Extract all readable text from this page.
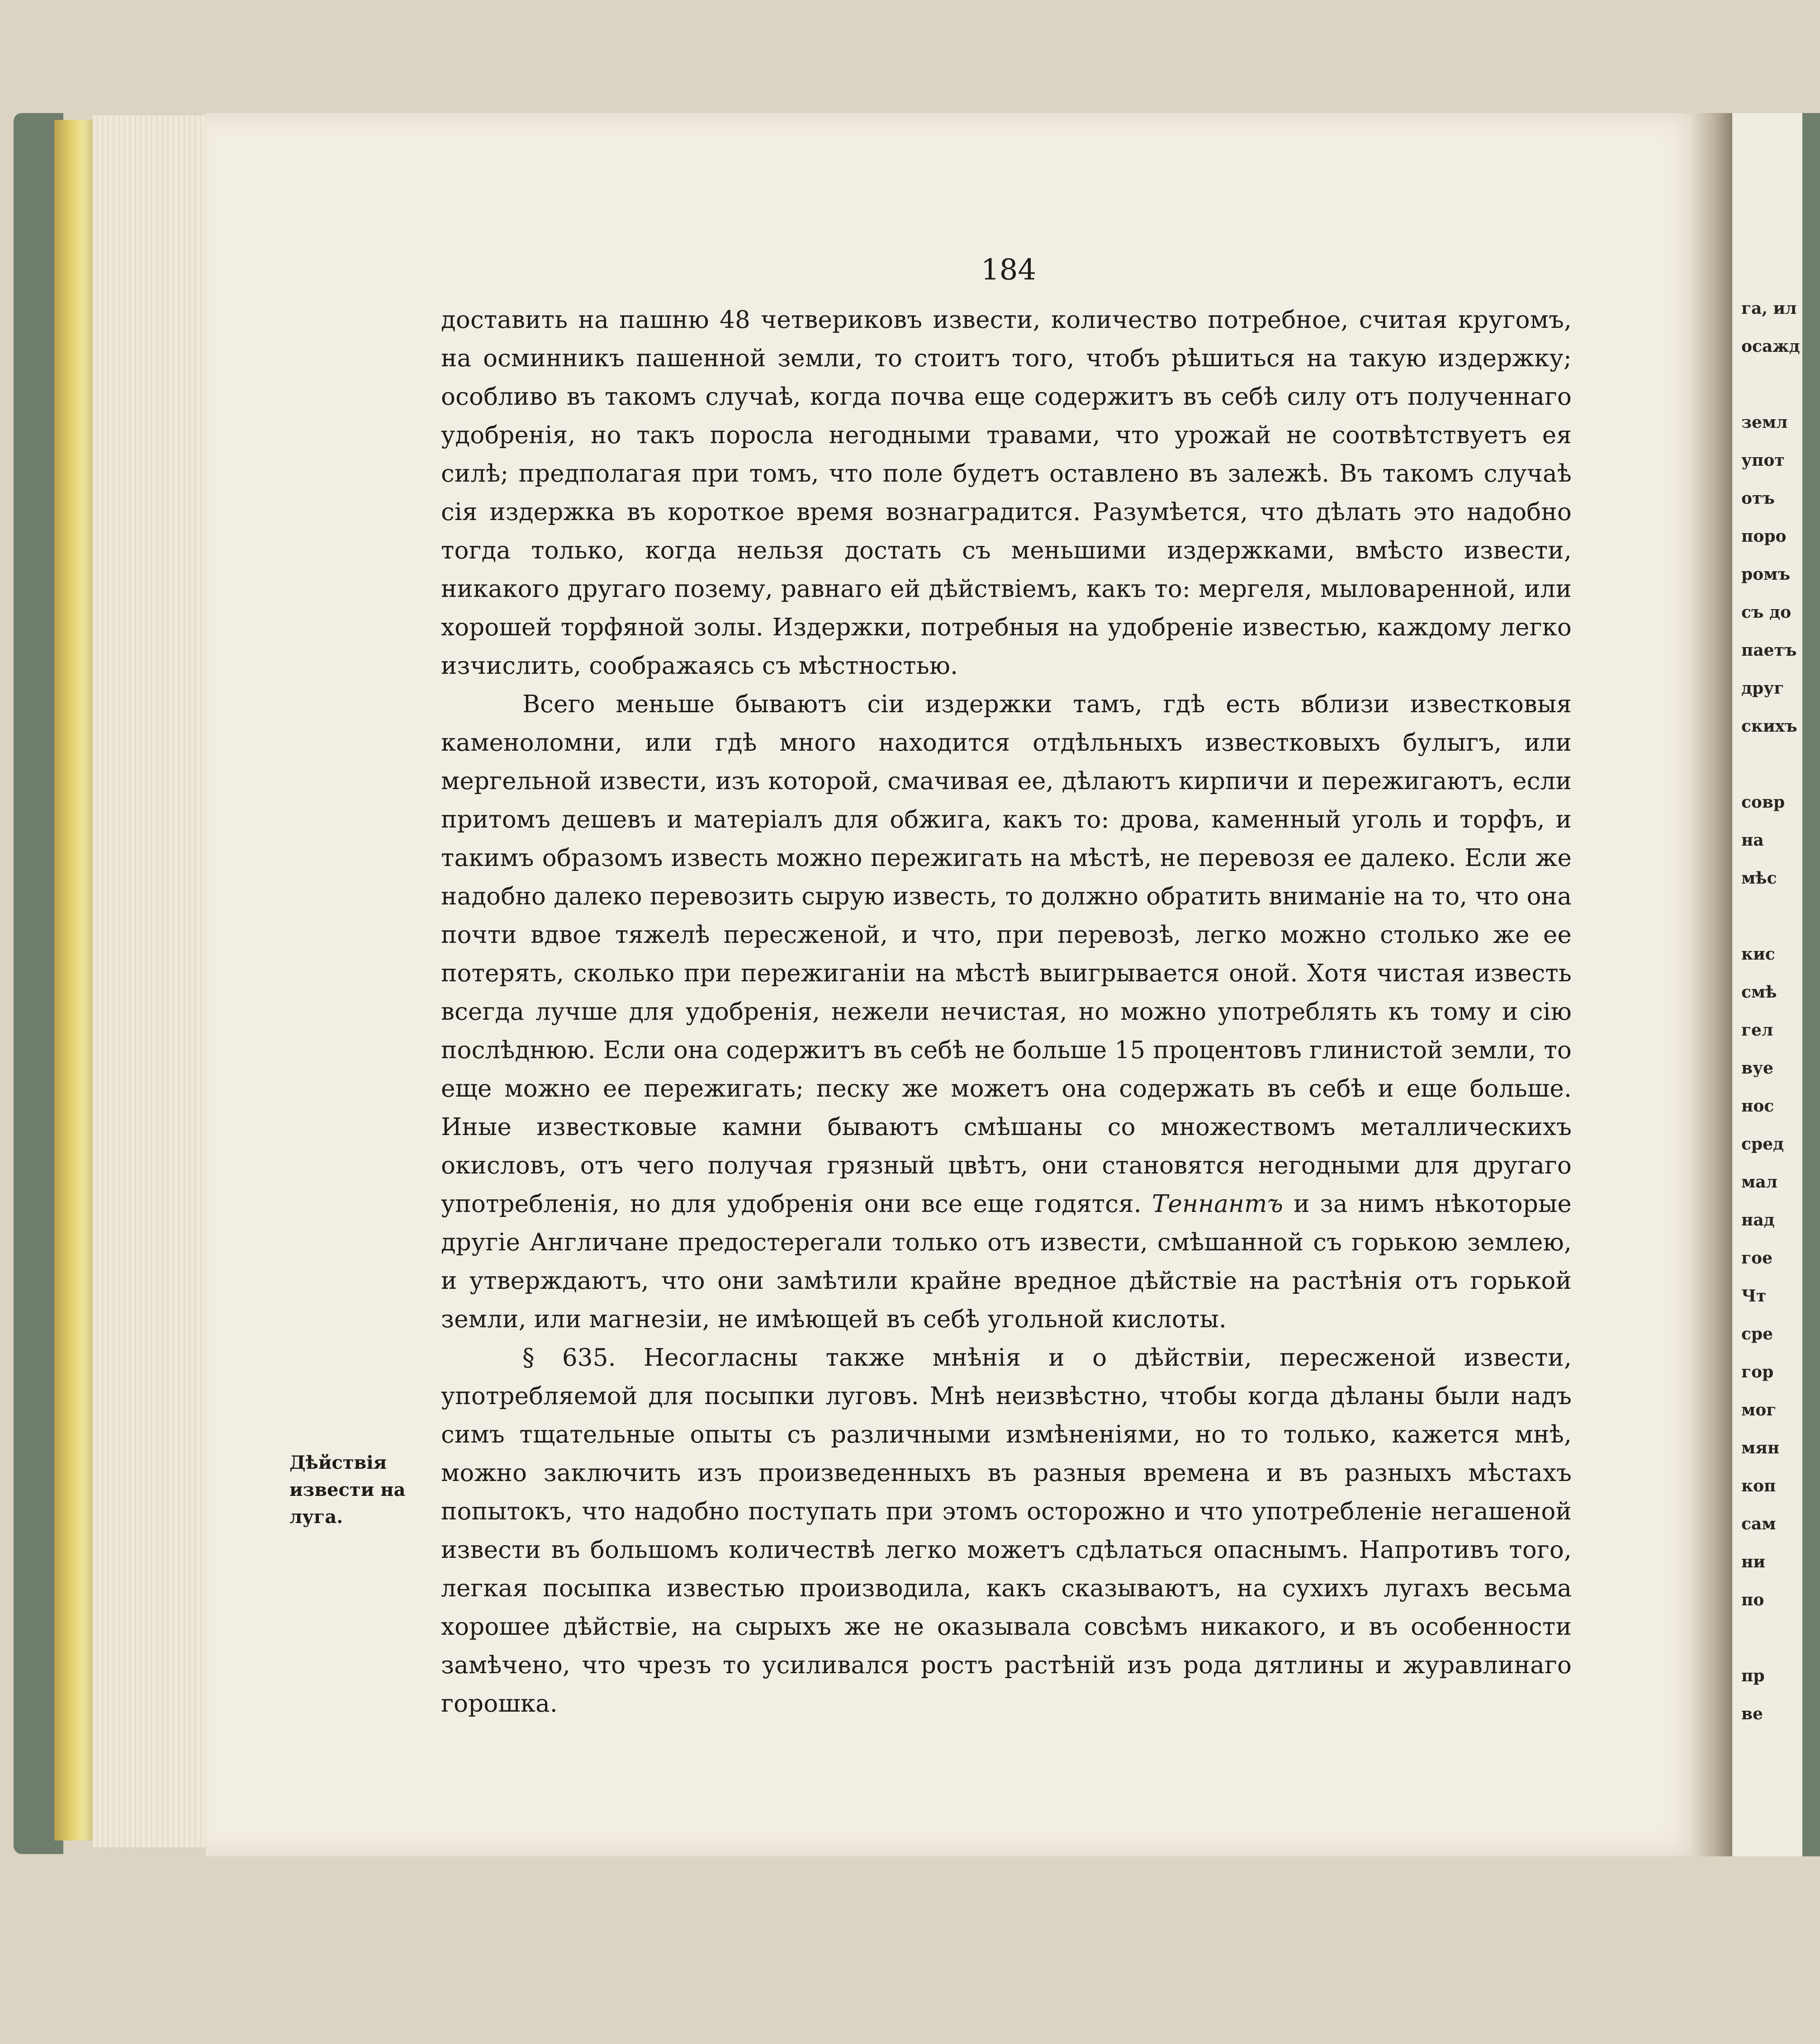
га, ил
осажд

земл
упот
отъ
поро
ромъ
съ до
паетъ
друг
скихъ

совр
на
мѣс

кис
смѣ
гел
вуе
нос
сред
мал
над
гое
Чт
сре
гор
мог
мян
коп
сам
ни
по

пр
ве
184
Дѣйствія
извести на
луга.

доставить на пашню 48 четвериковъ извести, количество потребное, считая кругомъ, на осминникъ пашенной земли, то стоитъ того, чтобъ рѣшиться на такую издержку; особливо въ такомъ случаѣ, когда почва еще содержитъ въ себѣ силу отъ полученнаго удобренія, но такъ поросла негодными травами, что урожай не соотвѣтствуетъ ея силѣ; предполагая при томъ, что поле будетъ оставлено въ залежѣ. Въ такомъ случаѣ сія издержка въ короткое время вознаградится. Разумѣется, что дѣлать это надобно тогда только, когда нельзя достать съ меньшими издержками, вмѣсто извести, никакого другаго позему, равнаго ей дѣйствіемъ, какъ то: мергеля, мыловаренной, или хорошей торфяной золы. Издержки, потребныя на удобреніе известью, каждому легко изчислить, соображаясь съ мѣстностью.

Всего меньше бываютъ сіи издержки тамъ, гдѣ есть вблизи известковыя каменоломни, или гдѣ много находится отдѣльныхъ известковыхъ булыгъ, или мергельной извести, изъ которой, смачивая ее, дѣлаютъ кирпичи и пережигаютъ, если притомъ дешевъ и матеріалъ для обжига, какъ то: дрова, каменный уголь и торфъ, и такимъ образомъ известь можно пережигать на мѣстѣ, не перевозя ее далеко. Если же надобно далеко перевозить сырую известь, то должно обратить вниманіе на то, что она почти вдвое тяжелѣ пересженой, и что, при перевозѣ, легко можно столько же ее потерять, сколько при пережиганіи на мѣстѣ выигрывается оной. Хотя чистая известь всегда лучше для удобренія, нежели нечистая, но можно употреблять къ тому и сію послѣднюю. Если она содержитъ въ себѣ не больше 15 процентовъ глинистой земли, то еще можно ее пережигать; песку же можетъ она содержать въ себѣ и еще больше. Иные известковые камни бываютъ смѣшаны со множествомъ металлическихъ окисловъ, отъ чего получая грязный цвѣтъ, они становятся негодными для другаго употребленія, но для удобренія они все еще годятся. Теннантъ и за нимъ нѣкоторые другіе Англичане предостерегали только отъ извести, смѣшанной съ горькою землею, и утверждаютъ, что они замѣтили крайне вредное дѣйствіе на растѣнія отъ горькой земли, или магнезіи, не имѣющей въ себѣ угольной кислоты.

§ 635. Несогласны также мнѣнія и о дѣйствіи, пересженой извести, употребляемой для посыпки луговъ. Мнѣ неизвѣстно, чтобы когда дѣланы были надъ симъ тщательные опыты съ различными измѣненіями, но то только, кажется мнѣ, можно заключить изъ произведенныхъ въ разныя времена и въ разныхъ мѣстахъ попытокъ, что надобно поступать при этомъ осторожно и что употребленіе негашеной извести въ большомъ количествѣ легко можетъ сдѣлаться опаснымъ. Напротивъ того, легкая посыпка известью производила, какъ сказываютъ, на сухихъ лугахъ весьма хорошее дѣйствіе, на сырыхъ же не оказывала совсѣмъ никакого, и въ особенности замѣчено, что чрезъ то усиливался ростъ растѣній изъ рода дятлины и журавлинаго горошка.
